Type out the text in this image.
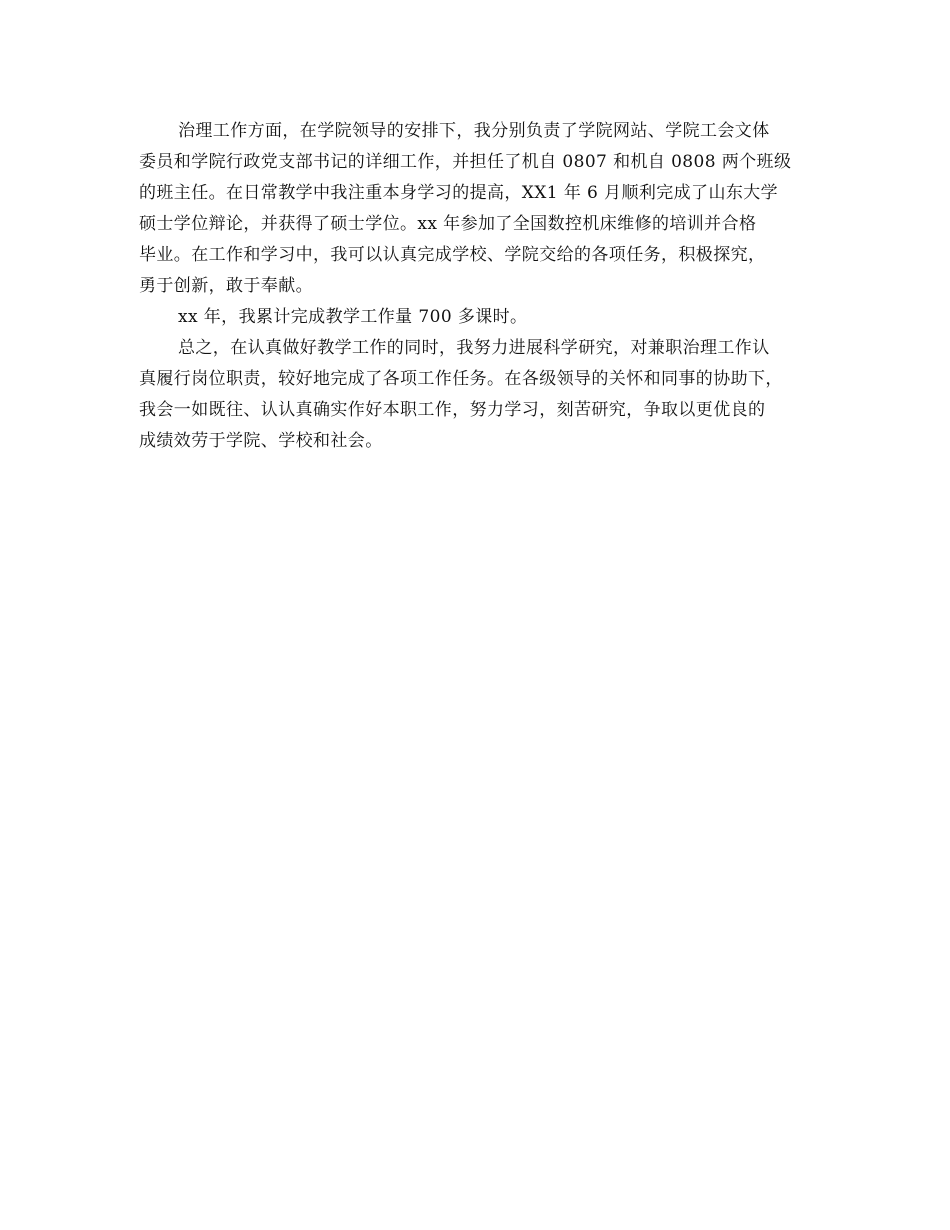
治理工作方面，在学院领导的安排下，我分别负责了学院网站、学院工会文体
委员和学院行政党支部书记的详细工作，并担任了机自 0807 和机自 0808 两个班级
的班主任。在日常教学中我注重本身学习的提高，XX1 年 6 月顺利完成了山东大学
硕士学位辩论，并获得了硕士学位。xx 年参加了全国数控机床维修的培训并合格
毕业。在工作和学习中，我可以认真完成学校、学院交给的各项任务，积极探究，
勇于创新，敢于奉献。
xx 年，我累计完成教学工作量 700 多课时。
总之，在认真做好教学工作的同时，我努力进展科学研究，对兼职治理工作认
真履行岗位职责，较好地完成了各项工作任务。在各级领导的关怀和同事的协助下，
我会一如既往、认认真确实作好本职工作，努力学习，刻苦研究，争取以更优良的
成绩效劳于学院、学校和社会。
